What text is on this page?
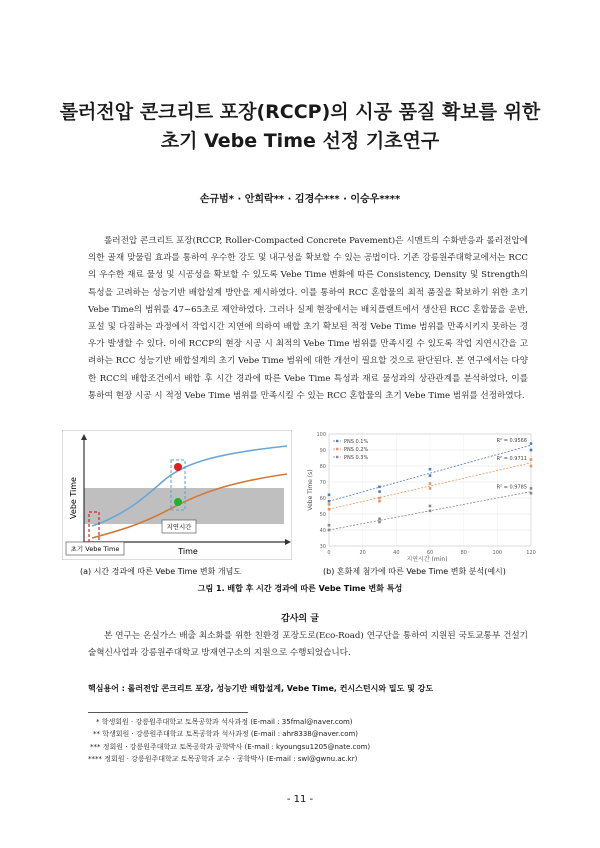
롤러전압 콘크리트 포장(RCCP)의 시공 품질 확보를 위한
초기 Vebe Time 선정 기초연구
손규범* · 안희락** · 김경수*** · 이승우****

롤러전압 콘크리트 포장(RCCP, Roller-Compacted Concrete Pavement)은 시멘트의 수화반응과 롤러전압에 의한 골재 맞물림 효과를 통하여 우수한 강도 및 내구성을 확보할 수 있는 공법이다. 기존 강릉원주대학교에서는 RCC의 우수한 재료 물성 및 시공성을 확보할 수 있도록 Vebe Time 변화에 따른 Consistency, Density 및 Strength의 특성을 고려하는 성능기반 배합설계 방안을 제시하였다. 이를 통하여 RCC 혼합물의 최적 품질을 확보하기 위한 초기 Vebe Time의 범위를 47~65초로 제안하였다. 그러나 실제 현장에서는 배치플랜트에서 생산된 RCC 혼합물을 운반, 포설 및 다짐하는 과정에서 작업시간 지연에 의하여 배합 초기 확보된 적정 Vebe Time 범위를 만족시키지 못하는 경우가 발생할 수 있다. 이에 RCCP의 현장 시공 시 최적의 Vebe Time 범위를 만족시킬 수 있도록 작업 지연시간을 고려하는 RCC 성능기반 배합설계의 초기 Vebe Time 범위에 대한 개선이 필요할 것으로 판단된다. 본 연구에서는 다양한 RCC의 배합조건에서 배합 후 시간 경과에 따른 Vebe Time 특성과 재료 물성과의 상관관계를 분석하였다, 이를 통하여 현장 시공 시 적정 Vebe Time 범위를 만족시킬 수 있는 RCC 혼합물의 초기 Vebe Time 범위를 선정하였다.

Vebe Time
Time
지연시간
초기 Vebe Time	30
40
50
60
70
80
90
100
0	20	40	60	80	100	120
R² = 0.9566
PNS 0.1%
R² = 0.9711
PNS 0.2%
R² = 0.9785
PNS 0.3%
지연시간 (min)
Vebe Time (s)
(a) 시간 경과에 따른 Vebe Time 변화 개념도	(b) 혼화제 첨가에 따른 Vebe Time 변화 분석(예시)
그림 1. 배합 후 시간 경과에 따른 Vebe Time 변화 특성
감사의 글

본 연구는 온실가스 배출 최소화를 위한 친환경 포장도로(Eco-Road) 연구단을 통하여 지원된 국토교통부 건설기술혁신사업과 강릉원주대학교 방재연구소의 지원으로 수행되었습니다.

핵심용어 : 롤러전압 콘크리트 포장, 성능기반 배합설계, Vebe Time, 컨시스턴시와 밀도 및 강도
* 학생회원 · 강릉원주대학교 토목공학과 석사과정 (E-mail : 35fmal@naver.com)
** 학생회원 · 강릉원주대학교 토목공학과 석사과정 (E-mail : ahr8338@naver.com)
*** 정회원 · 강릉원주대학교 토목공학과 공학박사 (E-mail : kyoungsu1205@nate.com)
**** 정회원 · 강릉원주대학교 토목공학과 교수 · 공학박사 (E-mail : swl@gwnu.ac.kr)
- 11 -
